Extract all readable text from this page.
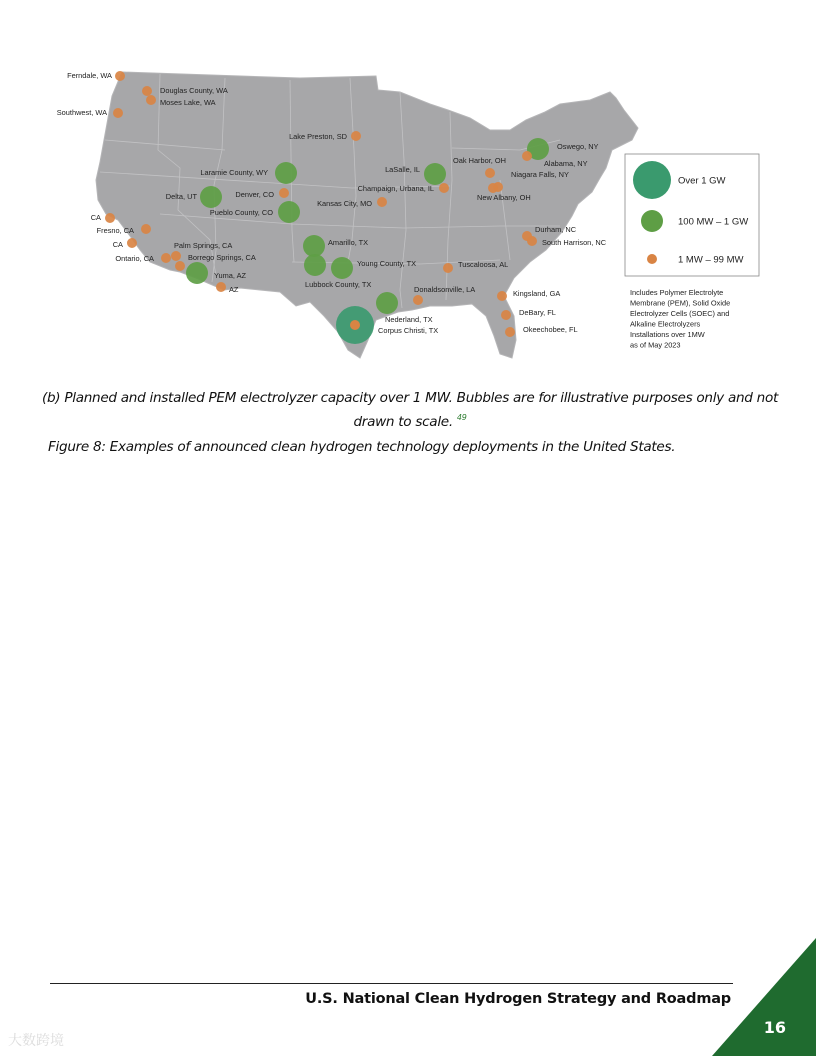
Ferndale, WA
Douglas County, WA
Moses Lake, WA
Southwest, WA
Lake Preston, SD
Laramie County, WY
Delta, UT	Denver, CO
Pueblo County, CO
Kansas City, MO
CA
Fresno, CA
CA	Palm Springs, CA
Borrego Springs, CA
Ontario, CA
Yuma, AZ
AZ
Amarillo, TX
Young County, TX
Lubbock County, TX
LaSalle, IL
Champaign, Urbana, IL
Oak Harbor, OH
Oswego, NY
Alabama, NY
Niagara Falls, NY
New Albany, OH
Durham, NC
South Harrison, NC
Tuscaloosa, AL
Donaldsonville, LA
Nederland, TX
Corpus Christi, TX
Kingsland, GA
DeBary, FL
Okeechobee, FL
Over 1 GW
100 MW – 1 GW
1 MW – 99 MW
Includes Polymer Electrolyte
Membrane (PEM), Solid Oxide
Electrolyzer Cells (SOEC) and
Alkaline Electrolyzers
Installations over 1MW
as of May 2023
(b) Planned and installed PEM electrolyzer capacity over 1 MW. Bubbles are for illustrative purposes only and not drawn to scale. $^{49}$
Figure 8: Examples of announced clean hydrogen technology deployments in the United States.
U.S. National Clean Hydrogen Strategy and Roadmap
16
大数跨境
